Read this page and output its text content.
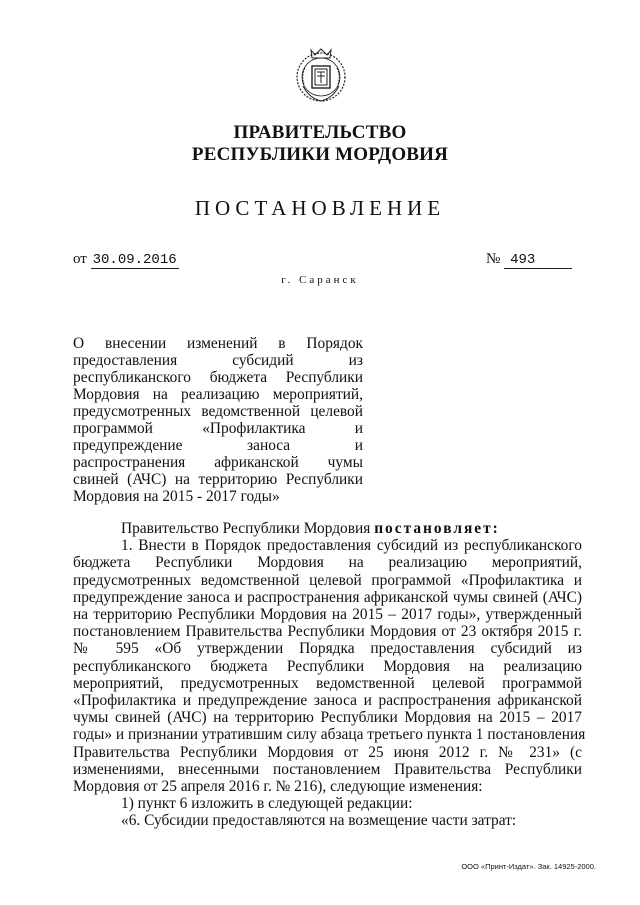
ПРАВИТЕЛЬСТВО
РЕСПУБЛИКИ МОРДОВИЯ
ПОСТАНОВЛЕНИЕ
от 30.09.2016	№ 493
г. Саранск
О внесении изменений в Порядок
предоставления субсидий из
республиканского бюджета Республики
Мордовия на реализацию мероприятий,
предусмотренных ведомственной целевой
программой «Профилактика и
предупреждение заноса и
распространения африканской чумы
свиней (АЧС) на территорию Республики
Мордовия на 2015 - 2017 годы»
Правительство Республики Мордовия постановляет:
1. Внести в Порядок предоставления субсидий из республиканского
бюджета Республики Мордовия на реализацию мероприятий,
предусмотренных ведомственной целевой программой «Профилактика и
предупреждение заноса и распространения африканской чумы свиней (АЧС)
на территорию Республики Мордовия на 2015 – 2017 годы», утвержденный
постановлением Правительства Республики Мордовия от 23 октября 2015 г.
№ 595 «Об утверждении Порядка предоставления субсидий из
республиканского бюджета Республики Мордовия на реализацию
мероприятий, предусмотренных ведомственной целевой программой
«Профилактика и предупреждение заноса и распространения африканской
чумы свиней (АЧС) на территорию Республики Мордовия на 2015 – 2017
годы» и признании утратившим силу абзаца третьего пункта 1 постановления
Правительства Республики Мордовия от 25 июня 2012 г. № 231» (с
изменениями, внесенными постановлением Правительства Республики
Мордовия от 25 апреля 2016 г. № 216), следующие изменения:
1) пункт 6 изложить в следующей редакции:
«6. Субсидии предоставляются на возмещение части затрат:
ООО «Принт-Издат». Зак. 14925-2000.
